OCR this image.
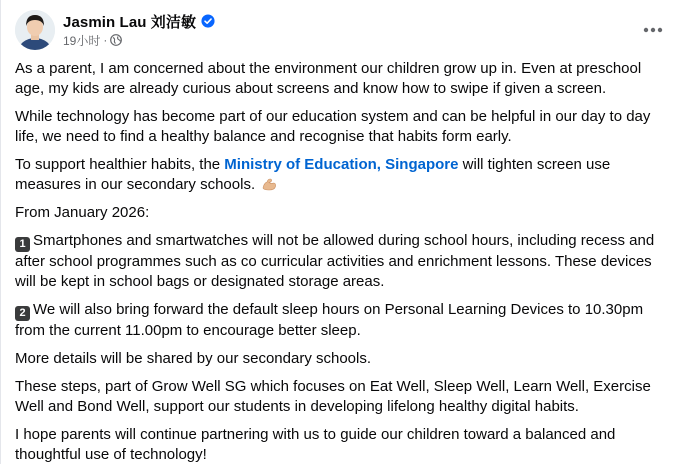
Jasmin Lau 刘洁敏
19小时 ·

As a parent, I am concerned about the environment our children grow up in. Even at preschool age, my kids are already curious about screens and know how to swipe if given a screen.

While technology has become part of our education system and can be helpful in our day to day life, we need to find a healthy balance and recognise that habits form early.

To support healthier habits, the Ministry of Education, Singapore will tighten screen use measures in our secondary schools.

From January 2026:

1 Smartphones and smartwatches will not be allowed during school hours, including recess and after school programmes such as co curricular activities and enrichment lessons. These devices will be kept in school bags or designated storage areas.

2 We will also bring forward the default sleep hours on Personal Learning Devices to 10.30pm from the current 11.00pm to encourage better sleep.

More details will be shared by our secondary schools.

These steps, part of Grow Well SG which focuses on Eat Well, Sleep Well, Learn Well, Exercise Well and Bond Well, support our students in developing lifelong healthy digital habits.

I hope parents will continue partnering with us to guide our children toward a balanced and thoughtful use of technology!
